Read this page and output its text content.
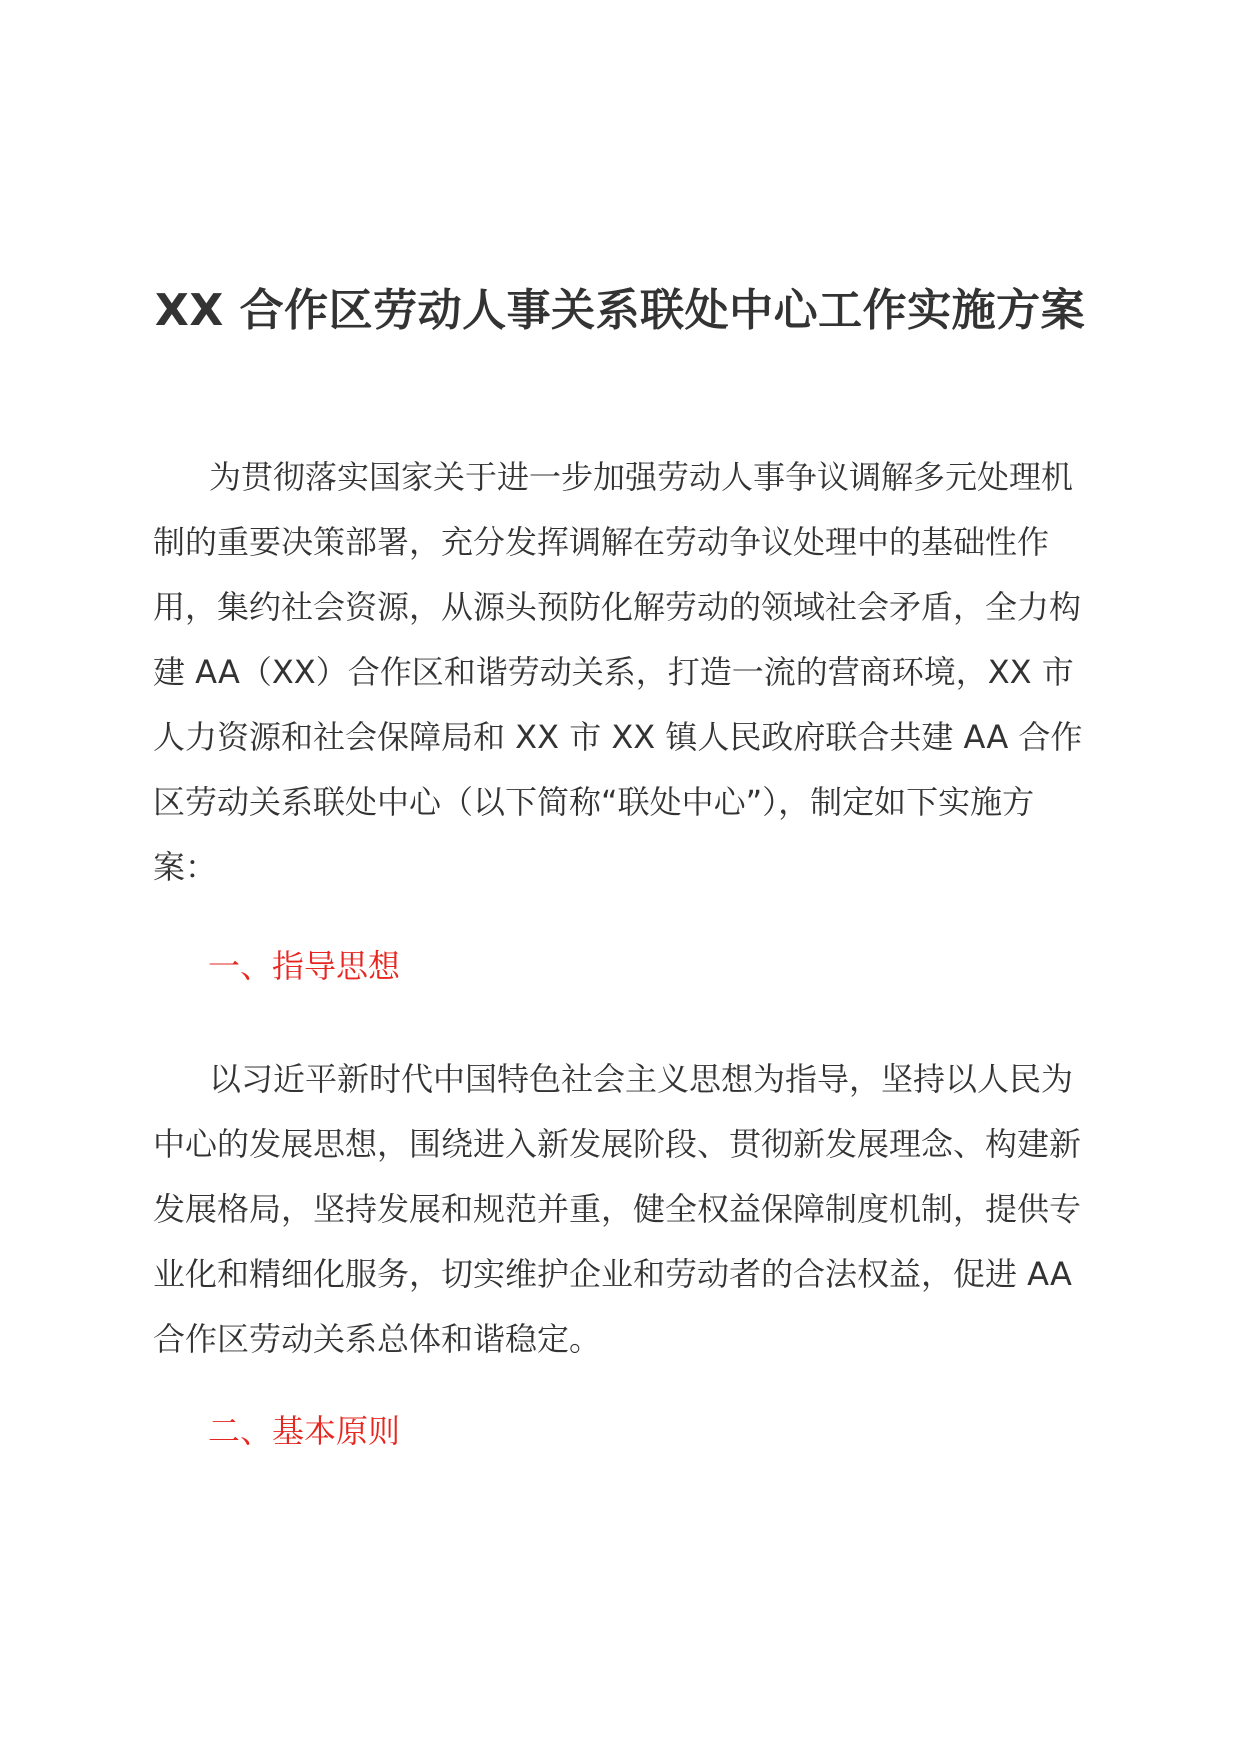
XX 合作区劳动人事关系联处中心工作实施方案

为贯彻落实国家关于进一步加强劳动人事争议调解多元处理机制的重要决策部署，充分发挥调解在劳动争议处理中的基础性作用，集约社会资源，从源头预防化解劳动的领域社会矛盾，全力构建 AA（XX）合作区和谐劳动关系，打造一流的营商环境，XX 市人力资源和社会保障局和 XX 市 XX 镇人民政府联合共建 AA 合作区劳动关系联处中心（以下简称“联处中心”），制定如下实施方案：

一、指导思想

以习近平新时代中国特色社会主义思想为指导，坚持以人民为中心的发展思想，围绕进入新发展阶段、贯彻新发展理念、构建新发展格局，坚持发展和规范并重，健全权益保障制度机制，提供专业化和精细化服务，切实维护企业和劳动者的合法权益，促进 AA 合作区劳动关系总体和谐稳定。

二、基本原则
